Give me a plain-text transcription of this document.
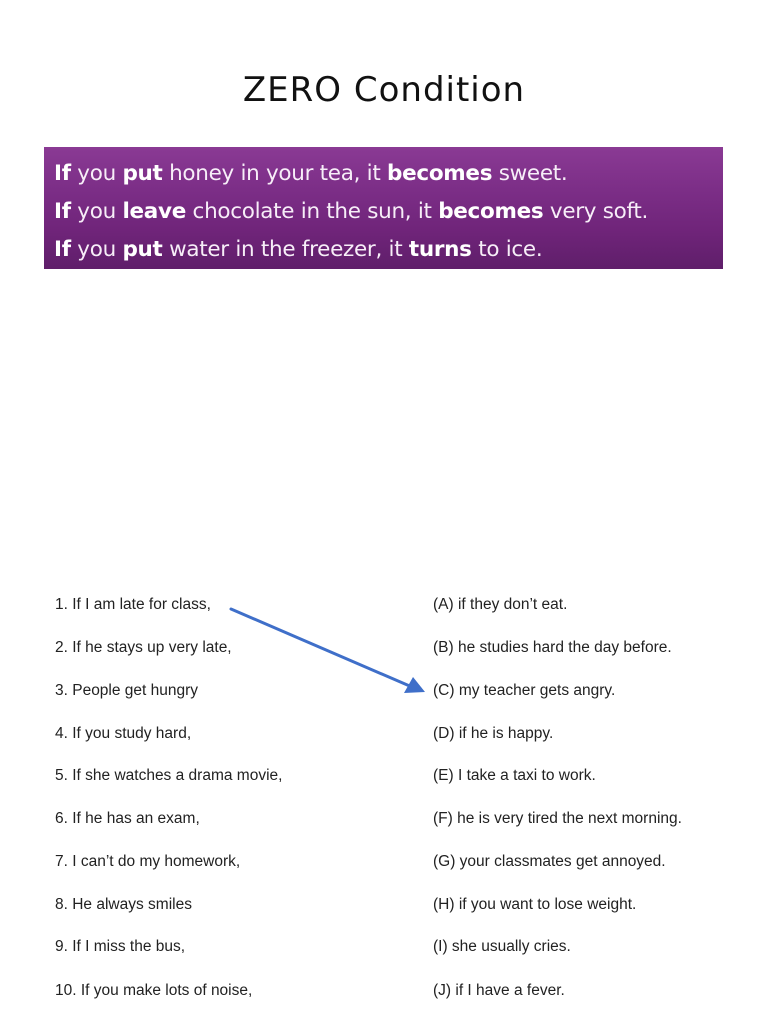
ZERO Condition
If you put honey in your tea, it becomes sweet.
If you leave chocolate in the sun, it becomes very soft.
If you put water in the freezer, it turns to ice.
1. If I am late for class,
2. If he stays up very late,
3. People get hungry
4. If you study hard,
5. If she watches a drama movie,
6. If he has an exam,
7. I can’t do my homework,
8. He always smiles
9. If I miss the bus,
10. If you make lots of noise,
(A) if they don’t eat.
(B) he studies hard the day before.
(C) my teacher gets angry.
(D) if he is happy.
(E) I take a taxi to work.
(F) he is very tired the next morning.
(G) your classmates get annoyed.
(H) if you want to lose weight.
(I) she usually cries.
(J) if I have a fever.
